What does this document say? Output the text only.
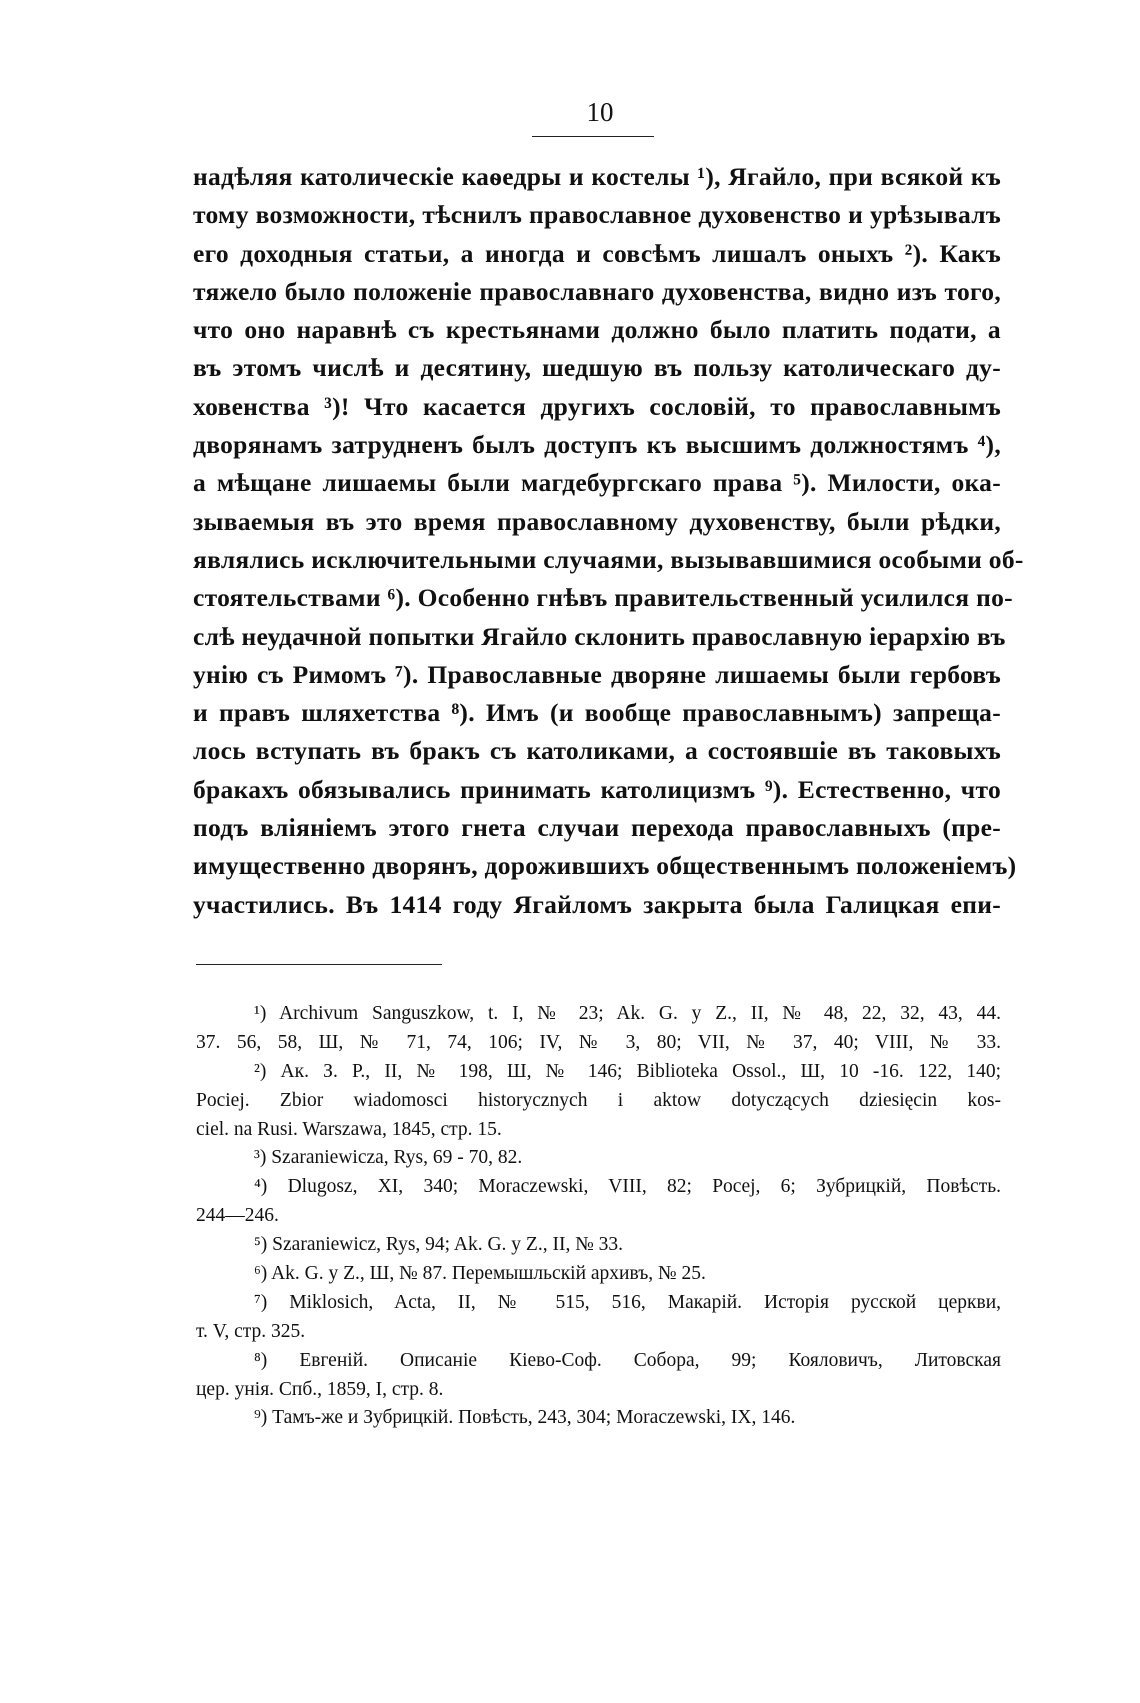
10
надѣляя католическіе каѳедры и костелы ¹), Ягайло, при всякой къ
тому возможности, тѣснилъ православное духовенство и урѣзывалъ
его доходныя статьи, а иногда и совсѣмъ лишалъ оныхъ ²). Какъ
тяжело было положеніе православнаго духовенства, видно изъ того,
что оно наравнѣ съ крестьянами должно было платить подати, а
въ этомъ числѣ и десятину, шедшую въ пользу католическаго ду-
ховенства ³)! Что касается другихъ сословій, то православнымъ
дворянамъ затрудненъ былъ доступъ къ высшимъ должностямъ ⁴),
а мѣщане лишаемы были магдебургскаго права ⁵). Милости, ока-
зываемыя въ это время православному духовенству, были рѣдки,
являлись исключительными случаями, вызывавшимися особыми об-
стоятельствами ⁶). Особенно гнѣвъ правительственный усилился по-
слѣ неудачной попытки Ягайло склонить православную іерархію въ
унію съ Римомъ ⁷). Православные дворяне лишаемы были гербовъ
и правъ шляхетства ⁸). Имъ (и вообще православнымъ) запреща-
лось вступать въ бракъ съ католиками, а состоявшіе въ таковыхъ
бракахъ обязывались принимать католицизмъ ⁹). Естественно, что
подъ вліяніемъ этого гнета случаи перехода православныхъ (пре-
имущественно дворянъ, дорожившихъ общественнымъ положеніемъ)
участились. Въ 1414 году Ягайломъ закрыта была Галицкая епи-
¹) Archivum Sanguszkow, t. I, № 23; Ak. G. y Z., II, № 48, 22, 32, 43, 44.
37. 56, 58, Ш, № 71, 74, 106; IV, № 3, 80; VII, № 37, 40; VIII, № 33.
²) Ак. З. Р., II, № 198, Ш, № 146; Biblioteka Ossol., Ш, 10 -16. 122, 140;
Pociej. Zbior wiadomosci historycznych i aktow dotyczących dziesięcin kos-
ciel. na Rusi. Warszawa, 1845, стр. 15.
³) Szaraniewicza, Rys, 69 - 70, 82.
⁴) Dlugosz, XI, 340; Moraczewski, VIII, 82; Pocej, 6; Зубрицкій, Повѣсть.
244—246.
⁵) Szaraniewicz, Rys, 94; Ak. G. y Z., II, № 33.
⁶) Ak. G. y Z., Ш, № 87. Перемышльскій архивъ, № 25.
⁷) Miklosich, Acta, II, № 515, 516, Макарій. Исторія русской церкви,
т. V, стр. 325.
⁸) Евгеній. Описаніе Кіево-Соф. Собора, 99; Кояловичъ, Литовская
цер. унія. Спб., 1859, I, стр. 8.
⁹) Тамъ-же и Зубрицкій. Повѣсть, 243, 304; Moraczewski, IX, 146.
